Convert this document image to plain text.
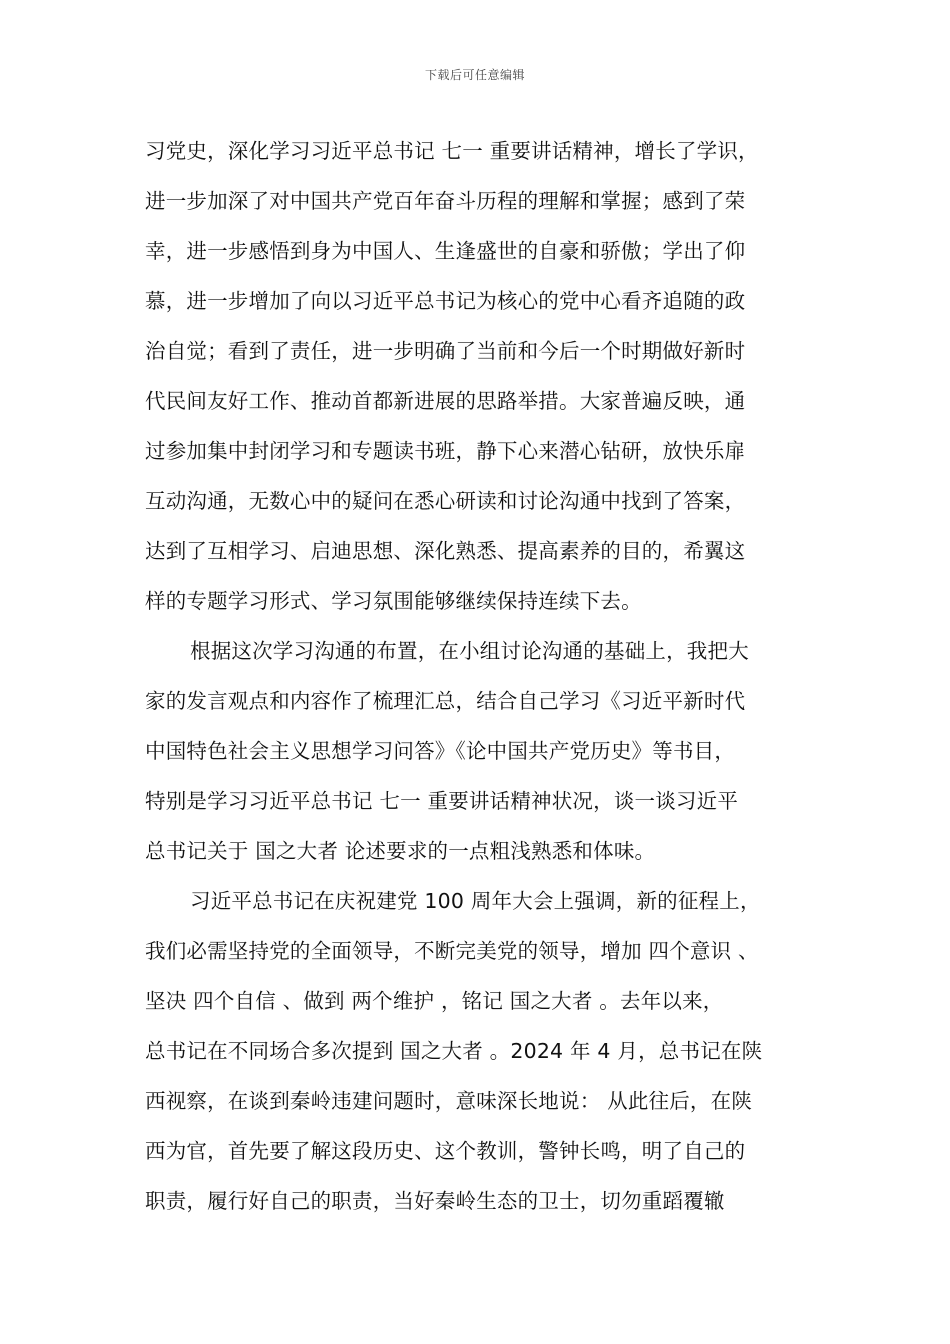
下载后可任意编辑
习党史，深化学习习近平总书记 七一 重要讲话精神，增长了学识，
进一步加深了对中国共产党百年奋斗历程的理解和掌握；感到了荣
幸，进一步感悟到身为中国人、生逢盛世的自豪和骄傲；学出了仰
慕，进一步增加了向以习近平总书记为核心的党中心看齐追随的政
治自觉；看到了责任，进一步明确了当前和今后一个时期做好新时
代民间友好工作、推动首都新进展的思路举措。大家普遍反映，通
过参加集中封闭学习和专题读书班，静下心来潜心钻研，放快乐扉
互动沟通，无数心中的疑问在悉心研读和讨论沟通中找到了答案，
达到了互相学习、启迪思想、深化熟悉、提高素养的目的，希翼这
样的专题学习形式、学习氛围能够继续保持连续下去。
根据这次学习沟通的布置，在小组讨论沟通的基础上，我把大
家的发言观点和内容作了梳理汇总，结合自己学习《习近平新时代
中国特色社会主义思想学习问答》《论中国共产党历史》等书目，
特别是学习习近平总书记 七一 重要讲话精神状况，谈一谈习近平
总书记关于 国之大者 论述要求的一点粗浅熟悉和体味。
习近平总书记在庆祝建党 100 周年大会上强调，新的征程上，
我们必需坚持党的全面领导，不断完美党的领导，增加 四个意识 、
坚决 四个自信 、做到 两个维护 ，铭记 国之大者 。去年以来，
总书记在不同场合多次提到 国之大者 。2024 年 4 月，总书记在陕
西视察，在谈到秦岭违建问题时，意味深长地说： 从此往后，在陕
西为官，首先要了解这段历史、这个教训，警钟长鸣，明了自己的
职责，履行好自己的职责，当好秦岭生态的卫士，切勿重蹈覆辙
